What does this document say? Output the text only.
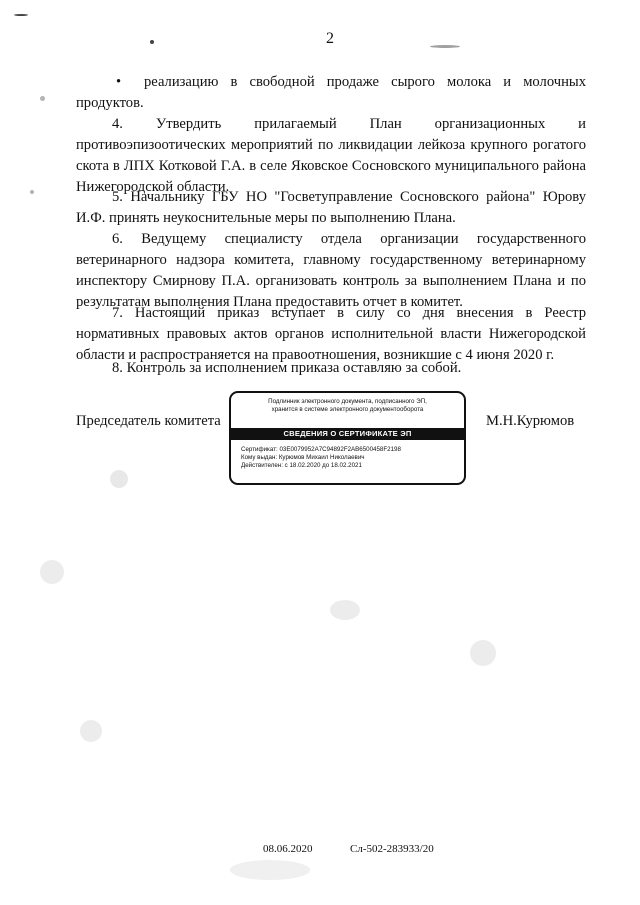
2
• реализацию в свободной продаже сырого молока и молочных продуктов.
4. Утвердить прилагаемый План организационных и противоэпизоотических мероприятий по ликвидации лейкоза крупного рогатого скота в ЛПХ Котковой Г.А. в селе Яковское Сосновского муниципального района Нижегородской области.
5. Начальнику ГБУ НО "Госветуправление Сосновского района" Юрову И.Ф. принять неукоснительные меры по выполнению Плана.
6. Ведущему специалисту отдела организации государственного ветеринарного надзора комитета, главному государственному ветеринарному инспектору Смирнову П.А. организовать контроль за выполнением Плана и по результатам выполнения Плана предоставить отчет в комитет.
7. Настоящий приказ вступает в силу со дня внесения в Реестр нормативных правовых актов органов исполнительной власти Нижегородской области и распространяется на правоотношения, возникшие с 4 июня 2020 г.
8. Контроль за исполнением приказа оставляю за собой.
Председатель комитета	М.Н.Курюмов
Подлинник электронного документа, подписанного ЭП,
хранится в системе электронного документооборота
СВЕДЕНИЯ О СЕРТИФИКАТЕ ЭП
Сертификат: 03E0079952A7C94892F2AB6500458F2198
Кому выдан: Курюмов Михаил Николаевич
Действителен: с 18.02.2020 до 18.02.2021
08.06.2020	Сл-502-283933/20
